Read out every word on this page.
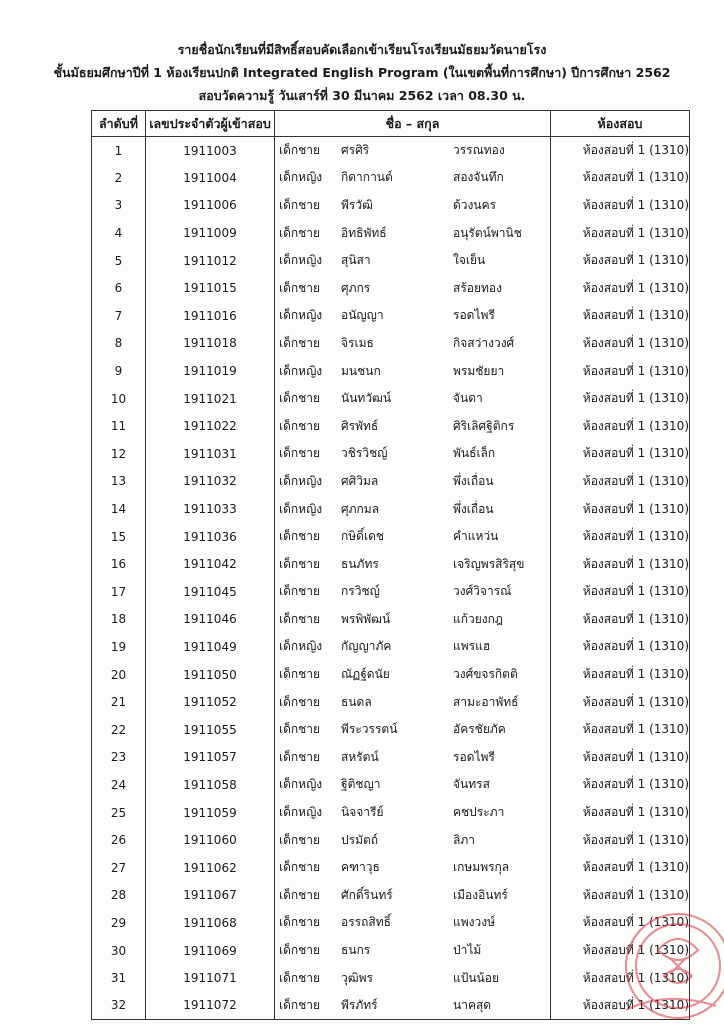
รายชื่อนักเรียนที่มีสิทธิ์สอบคัดเลือกเข้าเรียนโรงเรียนมัธยมวัดนายโรง
ชั้นมัธยมศึกษาปีที่ 1 ห้องเรียนปกติ Integrated English Program (ในเขตพื้นที่การศึกษา) ปีการศึกษา 2562
สอบวัดความรู้ วันเสาร์ที่ 30 มีนาคม 2562 เวลา 08.30 น.
ลำดับที่	เลขประจำตัวผู้เข้าสอบ	ชื่อ – สกุล	ห้องสอบ
1	1911003	เด็กชาย ศรศิริ วรรณทอง	ห้องสอบที่ 1 (1310)
2	1911004	เด็กหญิง กิดากานต์ สองจันทึก	ห้องสอบที่ 1 (1310)
3	1911006	เด็กชาย พีรวัฒิ ด้วงนคร	ห้องสอบที่ 1 (1310)
4	1911009	เด็กชาย อิทธิพัทธ์ อนุรัตน์พานิช	ห้องสอบที่ 1 (1310)
5	1911012	เด็กหญิง สุนิสา ใจเย็น	ห้องสอบที่ 1 (1310)
6	1911015	เด็กชาย ศุภกร สร้อยทอง	ห้องสอบที่ 1 (1310)
7	1911016	เด็กหญิง อนัญญา รอดไพรี	ห้องสอบที่ 1 (1310)
8	1911018	เด็กชาย จิรเมธ กิจสว่างวงศ์	ห้องสอบที่ 1 (1310)
9	1911019	เด็กหญิง มนชนก พรมชัยยา	ห้องสอบที่ 1 (1310)
10	1911021	เด็กชาย นันทวัฒน์ จันดา	ห้องสอบที่ 1 (1310)
11	1911022	เด็กชาย ศิรพัทธ์ ศิริเลิศฐิติกร	ห้องสอบที่ 1 (1310)
12	1911031	เด็กชาย วชิรวิชญ์ พันธ์เล็ก	ห้องสอบที่ 1 (1310)
13	1911032	เด็กหญิง ศศิวิมล พึ่งเถื่อน	ห้องสอบที่ 1 (1310)
14	1911033	เด็กหญิง ศุภกมล พึ่งเถื่อน	ห้องสอบที่ 1 (1310)
15	1911036	เด็กชาย กษิดิ์เดช คำแหว่น	ห้องสอบที่ 1 (1310)
16	1911042	เด็กชาย ธนภัทร เจริญพรสิริสุข	ห้องสอบที่ 1 (1310)
17	1911045	เด็กชาย กรวิชญ์ วงศ์วิจารณ์	ห้องสอบที่ 1 (1310)
18	1911046	เด็กชาย พรพิพัฒน์ แก้วยงกฎ	ห้องสอบที่ 1 (1310)
19	1911049	เด็กหญิง กัญญาภัค แพรแฮ	ห้องสอบที่ 1 (1310)
20	1911050	เด็กชาย ณัฏฐ์ดนัย วงศ์ขจรกิตติ	ห้องสอบที่ 1 (1310)
21	1911052	เด็กชาย ธนดล สามะอาพัทธ์	ห้องสอบที่ 1 (1310)
22	1911055	เด็กชาย พีระวรรตน์ อัครชัยภัค	ห้องสอบที่ 1 (1310)
23	1911057	เด็กชาย สหรัตน์ รอดไพรี	ห้องสอบที่ 1 (1310)
24	1911058	เด็กหญิง ฐิติชญา จันทรส	ห้องสอบที่ 1 (1310)
25	1911059	เด็กหญิง นิจจารีย์ คชประภา	ห้องสอบที่ 1 (1310)
26	1911060	เด็กชาย ปรมัตถ์ ลิภา	ห้องสอบที่ 1 (1310)
27	1911062	เด็กชาย คฑาวุธ เกษมพรกุล	ห้องสอบที่ 1 (1310)
28	1911067	เด็กชาย ศักดิ์รินทร์ เมืองอินทร์	ห้องสอบที่ 1 (1310)
29	1911068	เด็กชาย อรรถสิทธิ์ แพงวงษ์	ห้องสอบที่ 1 (1310)
30	1911069	เด็กชาย ธนกร ป่าไม้	ห้องสอบที่ 1 (1310)
31	1911071	เด็กชาย วุฒิพร แป้นน้อย	ห้องสอบที่ 1 (1310)
32	1911072	เด็กชาย พีรภัทร์ นาคสุด	ห้องสอบที่ 1 (1310)
